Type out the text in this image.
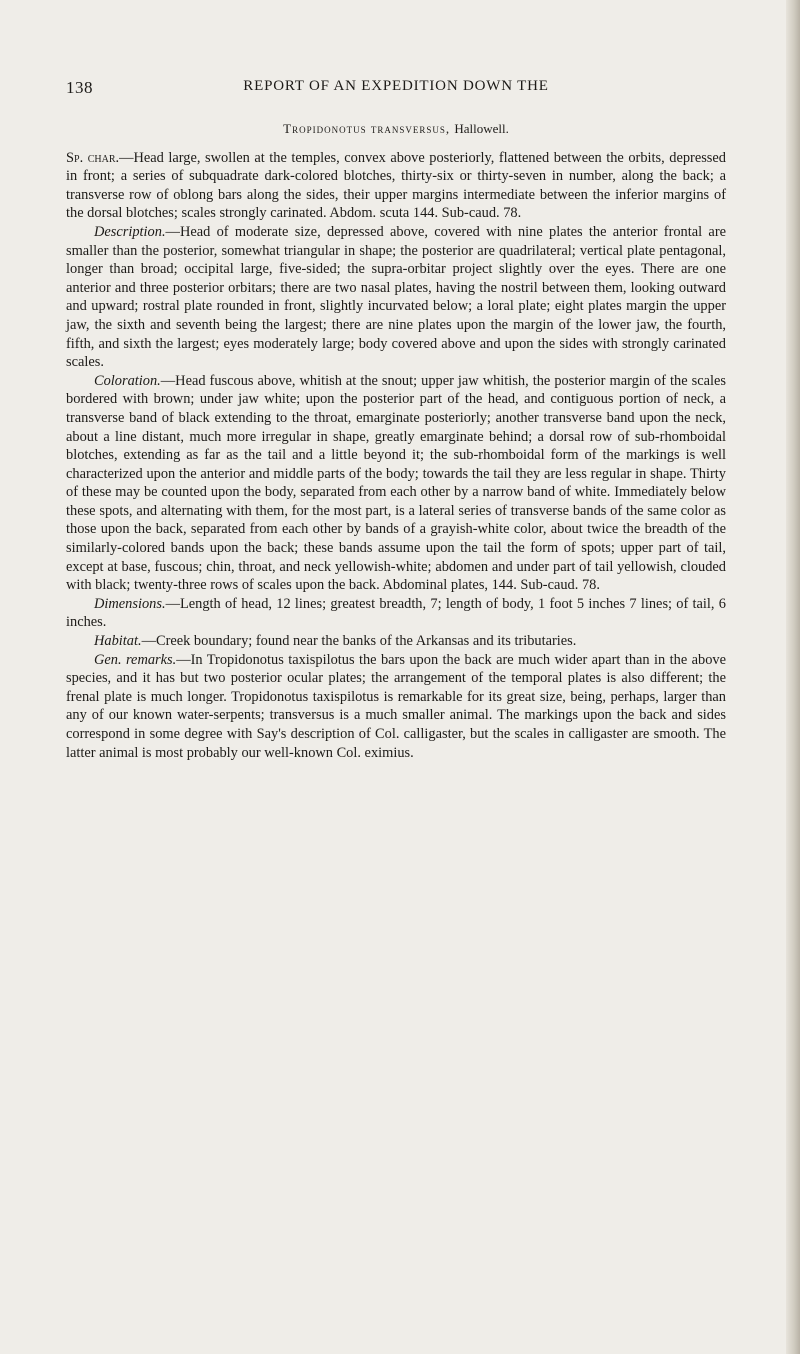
138	REPORT OF AN EXPEDITION DOWN THE
Tropidonotus transversus, Hallowell.

Sp. char.—Head large, swollen at the temples, convex above posteriorly, flattened between the orbits, depressed in front; a series of subquadrate dark-colored blotches, thirty-six or thirty-seven in number, along the back; a transverse row of oblong bars along the sides, their upper margins intermediate between the inferior margins of the dorsal blotches; scales strongly carinated. Abdom. scuta 144. Sub-caud. 78.

Description.—Head of moderate size, depressed above, covered with nine plates the anterior frontal are smaller than the posterior, somewhat triangular in shape; the posterior are quadrilateral; vertical plate pentagonal, longer than broad; occipital large, five-sided; the supra-orbitar project slightly over the eyes. There are one anterior and three posterior orbitars; there are two nasal plates, having the nostril between them, looking outward and upward; rostral plate rounded in front, slightly incurvated below; a loral plate; eight plates margin the upper jaw, the sixth and seventh being the largest; there are nine plates upon the margin of the lower jaw, the fourth, fifth, and sixth the largest; eyes moderately large; body covered above and upon the sides with strongly carinated scales.

Coloration.—Head fuscous above, whitish at the snout; upper jaw whitish, the posterior margin of the scales bordered with brown; under jaw white; upon the posterior part of the head, and contiguous portion of neck, a transverse band of black extending to the throat, emarginate posteriorly; another transverse band upon the neck, about a line distant, much more irregular in shape, greatly emarginate behind; a dorsal row of sub-rhomboidal blotches, extending as far as the tail and a little beyond it; the sub-rhomboidal form of the markings is well characterized upon the anterior and middle parts of the body; towards the tail they are less regular in shape. Thirty of these may be counted upon the body, separated from each other by a narrow band of white. Immediately below these spots, and alternating with them, for the most part, is a lateral series of transverse bands of the same color as those upon the back, separated from each other by bands of a grayish-white color, about twice the breadth of the similarly-colored bands upon the back; these bands assume upon the tail the form of spots; upper part of tail, except at base, fuscous; chin, throat, and neck yellowish-white; abdomen and under part of tail yellowish, clouded with black; twenty-three rows of scales upon the back. Abdominal plates, 144. Sub-caud. 78.

Dimensions.—Length of head, 12 lines; greatest breadth, 7; length of body, 1 foot 5 inches 7 lines; of tail, 6 inches.

Habitat.—Creek boundary; found near the banks of the Arkansas and its tributaries.

Gen. remarks.—In Tropidonotus taxispilotus the bars upon the back are much wider apart than in the above species, and it has but two posterior ocular plates; the arrangement of the temporal plates is also different; the frenal plate is much longer. Tropidonotus taxispilotus is remarkable for its great size, being, perhaps, larger than any of our known water-serpents; transversus is a much smaller animal. The markings upon the back and sides correspond in some degree with Say's description of Col. calligaster, but the scales in calligaster are smooth. The latter animal is most probably our well-known Col. eximius.
